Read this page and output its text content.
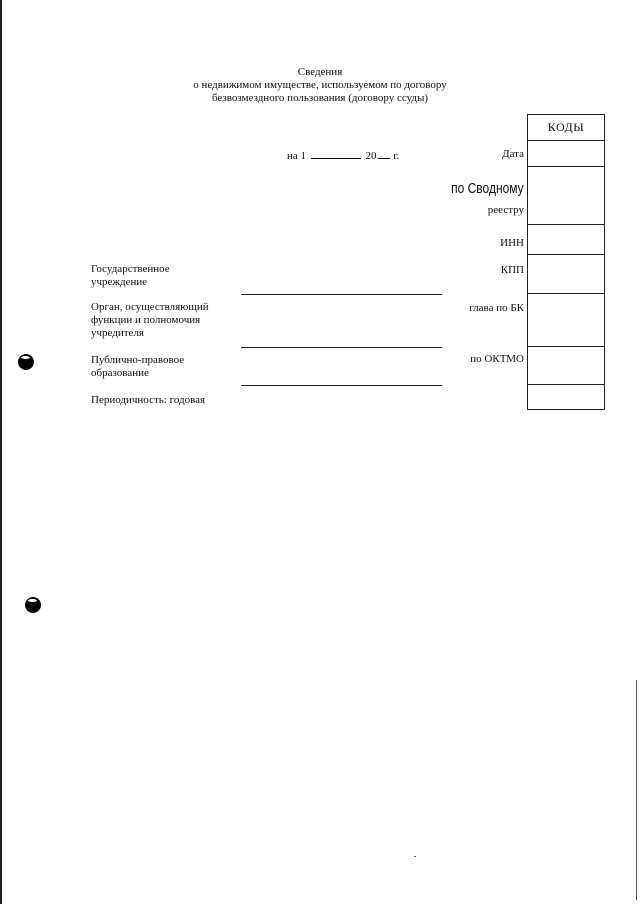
Сведения
о недвижимом имуществе, используемом по договору
безвозмездного пользования (договору ссуды)
на 1	20 г.
КОДЫ
Дата
по Сводному
реестру
ИНН
КПП
глава по БК
по ОКТМО
Государственное
учреждение
Орган, осуществляющий
функции и полномочия
учредителя
Публично-правовое
образование
Периодичность: годовая
